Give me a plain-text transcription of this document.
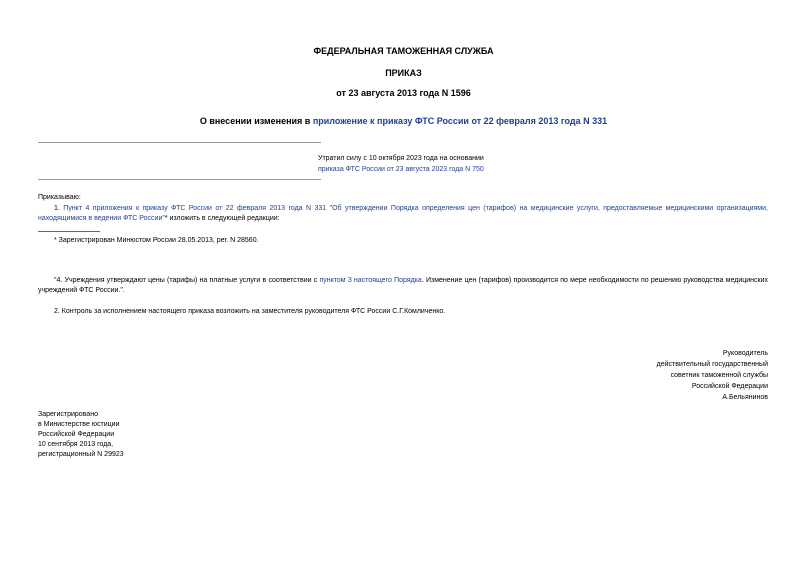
ФЕДЕРАЛЬНАЯ ТАМОЖЕННАЯ СЛУЖБА
ПРИКАЗ
от 23 августа 2013 года N 1596
О внесении изменения в приложение к приказу ФТС России от 22 февраля 2013 года N 331
Утратил силу с 10 октября 2023 года на основании
приказа ФТС России от 23 августа 2023 года N 750
Приказываю:
1. Пункт 4 приложения к приказу ФТС России от 22 февраля 2013 года N 331 "Об утверждении Порядка определения цен (тарифов) на медицинские услуги, предоставляемые медицинскими организациями, находящимися в ведении ФТС России"* изложить в следующей редакции:
* Зарегистрирован Минюстом России 28.05.2013, рег. N 28560.
"4. Учреждения утверждают цены (тарифы) на платные услуги в соответствии с пунктом 3 настоящего Порядка. Изменение цен (тарифов) производится по мере необходимости по решению руководства медицинских учреждений ФТС России.".
2. Контроль за исполнением настоящего приказа возложить на заместителя руководителя ФТС России С.Г.Комличенко.
Руководитель
действительный государственный
советник таможенной службы
Российской Федерации
А.Бельянинов
Зарегистрировано
в Министерстве юстиции
Российской Федерации
10 сентября 2013 года,
регистрационный N 29923
